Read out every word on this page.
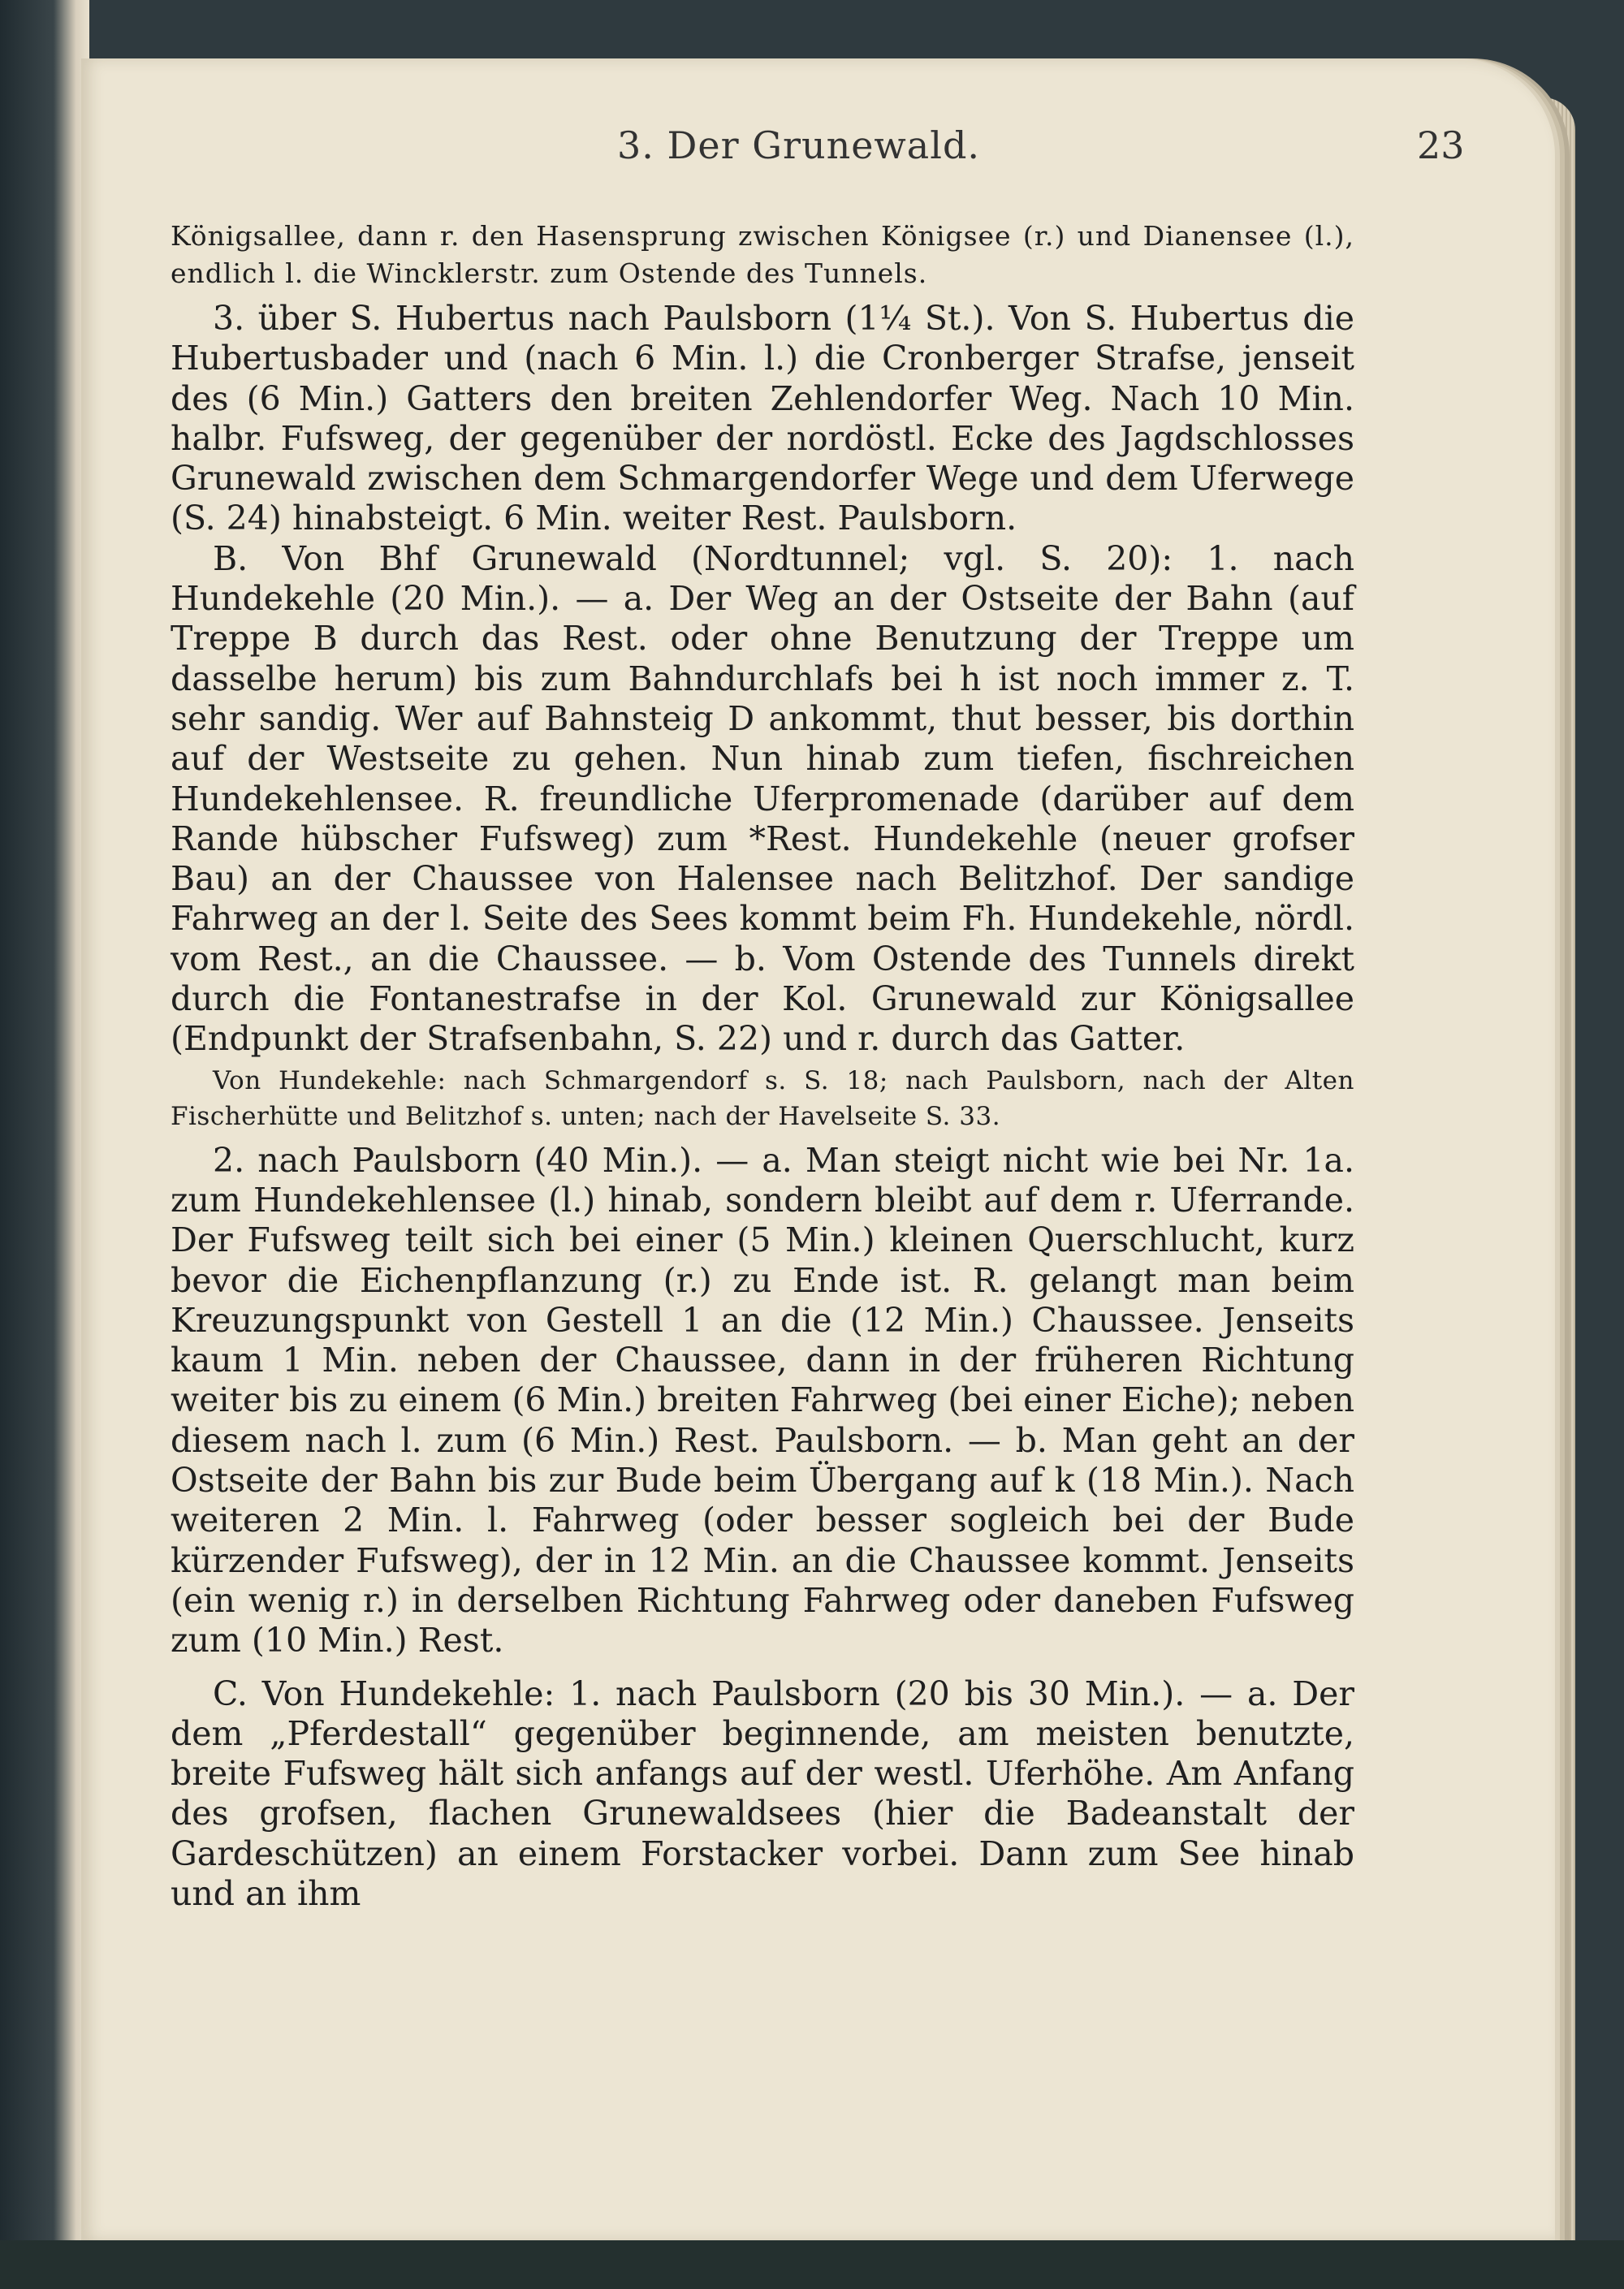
3. Der Grunewald.	23

Königsallee, dann r. den Hasensprung zwischen Königsee (r.) und Dianensee (l.), endlich l. die Wincklerstr. zum Ostende des Tunnels.

3. über S. Hubertus nach Paulsborn (1¼ St.). Von S. Hubertus die Hubertusbader und (nach 6 Min. l.) die Cronberger Strafse, jenseit des (6 Min.) Gatters den breiten Zehlendorfer Weg. Nach 10 Min. halbr. Fufsweg, der gegenüber der nordöstl. Ecke des Jagdschlosses Grunewald zwischen dem Schmargendorfer Wege und dem Uferwege (S. 24) hinabsteigt. 6 Min. weiter Rest. Paulsborn.

B. Von Bhf Grunewald (Nordtunnel; vgl. S. 20): 1. nach Hundekehle (20 Min.). — a. Der Weg an der Ostseite der Bahn (auf Treppe B durch das Rest. oder ohne Benutzung der Treppe um dasselbe herum) bis zum Bahndurchlafs bei h ist noch immer z. T. sehr sandig. Wer auf Bahnsteig D ankommt, thut besser, bis dorthin auf der Westseite zu gehen. Nun hinab zum tiefen, fischreichen Hundekehlensee. R. freundliche Uferpromenade (darüber auf dem Rande hübscher Fufsweg) zum *Rest. Hundekehle (neuer grofser Bau) an der Chaussee von Halensee nach Belitzhof. Der sandige Fahrweg an der l. Seite des Sees kommt beim Fh. Hundekehle, nördl. vom Rest., an die Chaussee. — b. Vom Ostende des Tunnels direkt durch die Fontanestrafse in der Kol. Grunewald zur Königsallee (Endpunkt der Strafsenbahn, S. 22) und r. durch das Gatter.

Von Hundekehle: nach Schmargendorf s. S. 18; nach Paulsborn, nach der Alten Fischerhütte und Belitzhof s. unten; nach der Havelseite S. 33.

2. nach Paulsborn (40 Min.). — a. Man steigt nicht wie bei Nr. 1a. zum Hundekehlensee (l.) hinab, sondern bleibt auf dem r. Uferrande. Der Fufsweg teilt sich bei einer (5 Min.) kleinen Querschlucht, kurz bevor die Eichenpflanzung (r.) zu Ende ist. R. gelangt man beim Kreuzungspunkt von Gestell 1 an die (12 Min.) Chaussee. Jenseits kaum 1 Min. neben der Chaussee, dann in der früheren Richtung weiter bis zu einem (6 Min.) breiten Fahrweg (bei einer Eiche); neben diesem nach l. zum (6 Min.) Rest. Paulsborn. — b. Man geht an der Ostseite der Bahn bis zur Bude beim Übergang auf k (18 Min.). Nach weiteren 2 Min. l. Fahrweg (oder besser sogleich bei der Bude kürzender Fufsweg), der in 12 Min. an die Chaussee kommt. Jenseits (ein wenig r.) in derselben Richtung Fahrweg oder daneben Fufsweg zum (10 Min.) Rest.

C. Von Hundekehle: 1. nach Paulsborn (20 bis 30 Min.). — a. Der dem „Pferdestall“ gegenüber beginnende, am meisten benutzte, breite Fufsweg hält sich anfangs auf der westl. Uferhöhe. Am Anfang des grofsen, flachen Grunewaldsees (hier die Badeanstalt der Gardeschützen) an einem Forstacker vorbei. Dann zum See hinab und an ihm
